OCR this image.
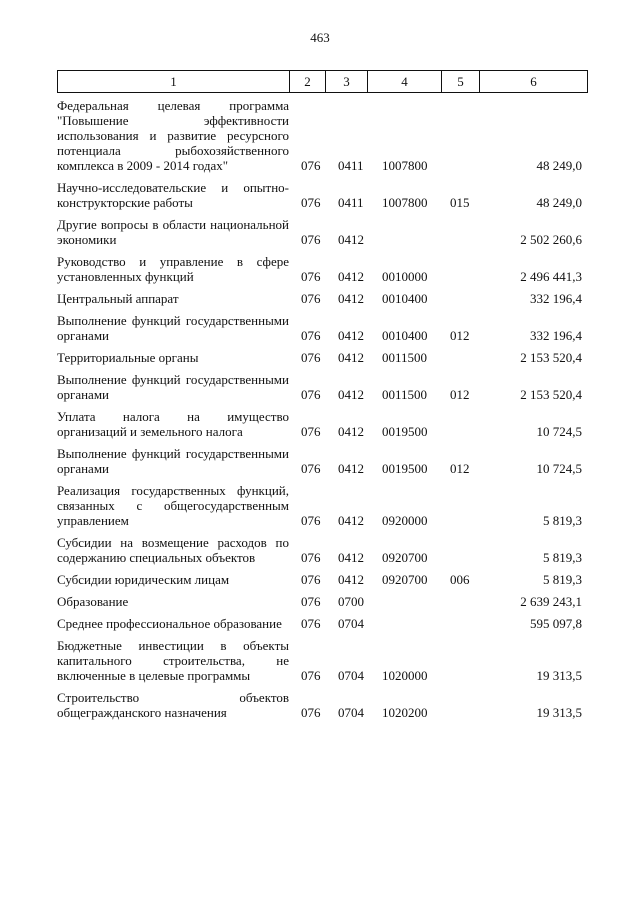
463
1	2	3	4	5	6
Федеральная целевая программа "Повышение эффективности использования и развитие ресурсного потенциала рыбохозяйственного комплекса в 2009 - 2014 годах"	076 0411 1007800	48 249,0
Научно-исследовательские и опытно-конструкторские работы	076 0411 1007800 015	48 249,0
Другие вопросы в области национальной экономики	076 0412	2 502 260,6
Руководство и управление в сфере установленных функций	076 0412 0010000	2 496 441,3
Центральный аппарат	076 0412 0010400	332 196,4
Выполнение функций государственными органами	076 0412 0010400 012	332 196,4
Территориальные органы	076 0412 0011500	2 153 520,4
Выполнение функций государственными органами	076 0412 0011500 012	2 153 520,4
Уплата налога на имущество организаций и земельного налога	076 0412 0019500	10 724,5
Выполнение функций государственными органами	076 0412 0019500 012	10 724,5
Реализация государственных функций, связанных с общегосударственным управлением	076 0412 0920000	5 819,3
Субсидии на возмещение расходов по содержанию специальных объектов	076 0412 0920700	5 819,3
Субсидии юридическим лицам	076 0412 0920700 006	5 819,3
Образование	076 0700	2 639 243,1
Среднее профессиональное образование	076 0704	595 097,8
Бюджетные инвестиции в объекты капитального строительства, не включенные в целевые программы	076 0704 1020000	19 313,5
Строительство объектов общегражданского назначения	076 0704 1020200	19 313,5
